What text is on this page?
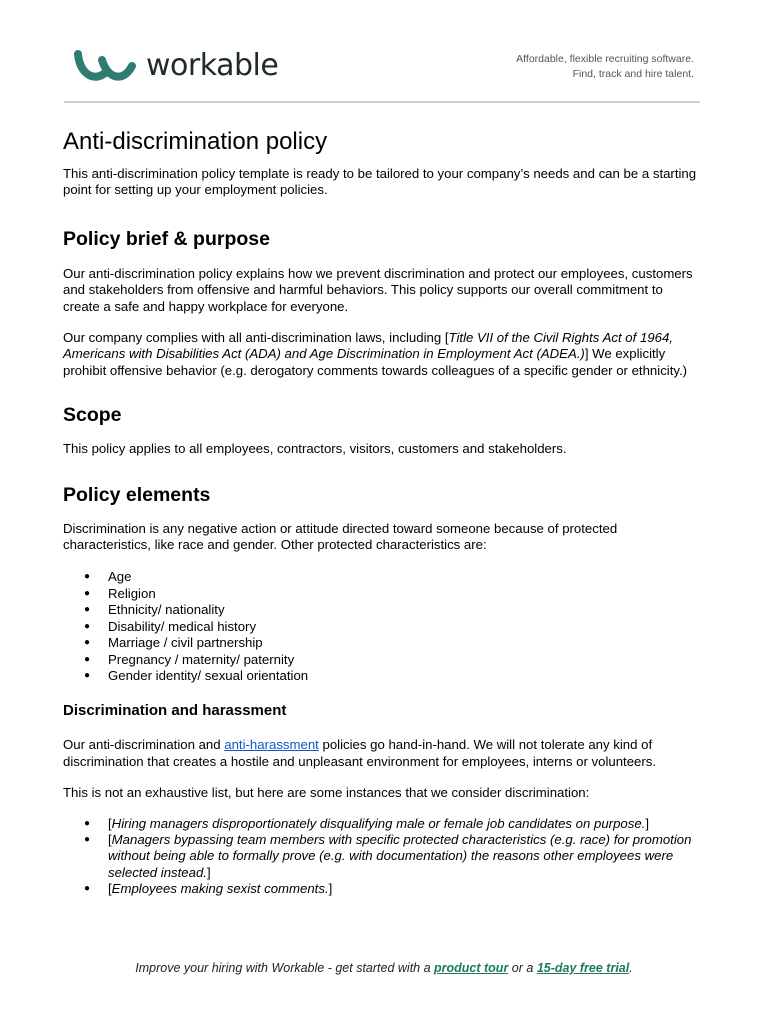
workable	Affordable, flexible recruiting software.
Find, track and hire talent.
Anti-discrimination policy

This anti-discrimination policy template is ready to be tailored to your company’s needs and can be a starting point for setting up your employment policies.

Policy brief & purpose

Our anti-discrimination policy explains how we prevent discrimination and protect our employees, customers and stakeholders from offensive and harmful behaviors. This policy supports our overall commitment to create a safe and happy workplace for everyone.

Our company complies with all anti-discrimination laws, including [Title VII of the Civil Rights Act of 1964, Americans with Disabilities Act (ADA) and Age Discrimination in Employment Act (ADEA.)] We explicitly prohibit offensive behavior (e.g. derogatory comments towards colleagues of a specific gender or ethnicity.)

Scope

This policy applies to all employees, contractors, visitors, customers and stakeholders.

Policy elements

Discrimination is any negative action or attitude directed toward someone because of protected characteristics, like race and gender. Other protected characteristics are:

● Age
● Religion
● Ethnicity/ nationality
● Disability/ medical history
● Marriage / civil partnership
● Pregnancy / maternity/ paternity
● Gender identity/ sexual orientation
Discrimination and harassment

Our anti-discrimination and anti-harassment policies go hand-in-hand. We will not tolerate any kind of discrimination that creates a hostile and unpleasant environment for employees, interns or volunteers.

This is not an exhaustive list, but here are some instances that we consider discrimination:

● [Hiring managers disproportionately disqualifying male or female job candidates on purpose.]
● [Managers bypassing team members with specific protected characteristics (e.g. race) for promotion without being able to formally prove (e.g. with documentation) the reasons other employees were selected instead.]
● [Employees making sexist comments.]
Improve your hiring with Workable - get started with a product tour or a 15-day free trial.
